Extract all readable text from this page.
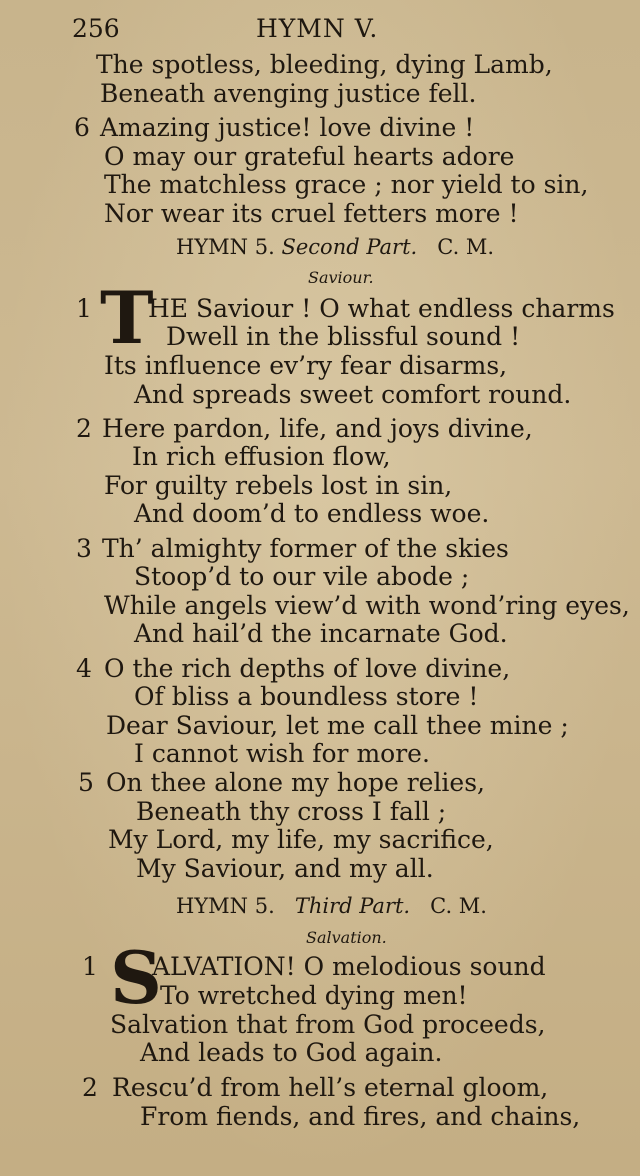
256	HYMN V.
The spotless, bleeding, dying Lamb,
Beneath avenging justice fell.
6 Amazing justice! love divine !
O may our grateful hearts adore
The matchless grace ; nor yield to sin,
Nor wear its cruel fetters more !
HYMN 5. Second Part. C. M.
Saviour.
1 T
HE Saviour ! O what endless charms
Dwell in the blissful sound !
Its influence ev’ry fear disarms,
And spreads sweet comfort round.
2 Here pardon, life, and joys divine,
In rich effusion flow,
For guilty rebels lost in sin,
And doom’d to endless woe.
3 Th’ almighty former of the skies
Stoop’d to our vile abode ;
While angels view’d with wond’ring eyes,
And hail’d the incarnate God.
4 O the rich depths of love divine,
Of bliss a boundless store !
Dear Saviour, let me call thee mine ;
I cannot wish for more.
5 On thee alone my hope relies,
Beneath thy cross I fall ;
My Lord, my life, my sacrifice,
My Saviour, and my all.
HYMN 5. Third Part. C. M.
Salvation.
1 S
ALVATION! O melodious sound
To wretched dying men!
Salvation that from God proceeds,
And leads to God again.
2 Rescu’d from hell’s eternal gloom,
From fiends, and fires, and chains,
